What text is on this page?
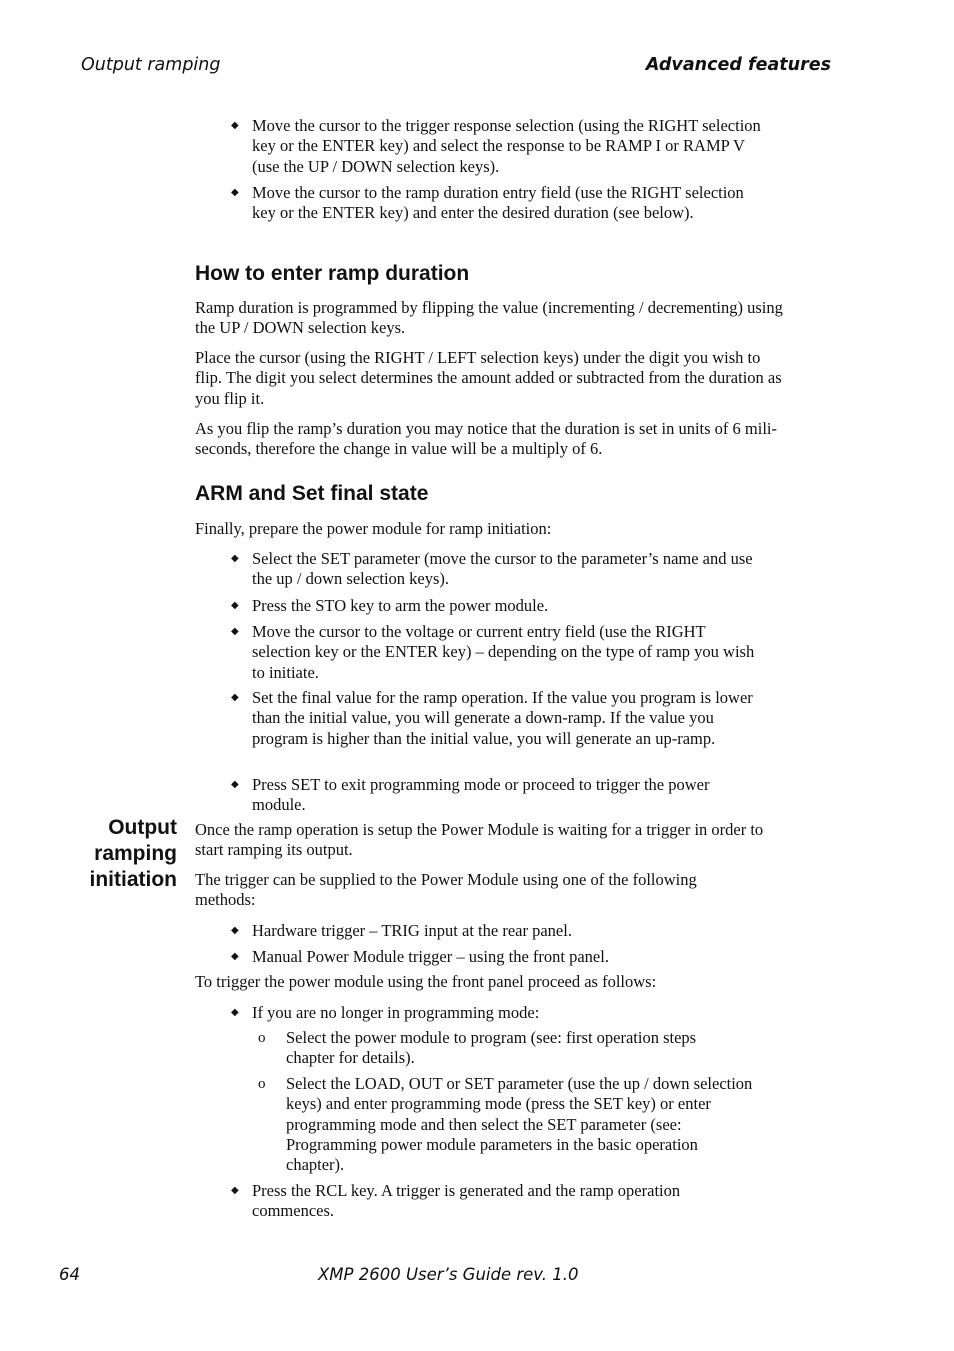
Output ramping	Advanced features
◆ Move the cursor to the trigger response selection (using the RIGHT selection key or the ENTER key) and select the response to be RAMP I or RAMP V (use the UP / DOWN selection keys).
◆ Move the cursor to the ramp duration entry field (use the RIGHT selection key or the ENTER key) and enter the desired duration (see below).
How to enter ramp duration
Ramp duration is programmed by flipping the value (incrementing / decrementing) using the UP / DOWN selection keys.
Place the cursor (using the RIGHT / LEFT selection keys) under the digit you wish to flip. The digit you select determines the amount added or subtracted from the duration as you flip it.
As you flip the ramp’s duration you may notice that the duration is set in units of 6 mili-seconds, therefore the change in value will be a multiply of 6.
ARM and Set final state
Finally, prepare the power module for ramp initiation:
◆ Select the SET parameter (move the cursor to the parameter’s name and use the up / down selection keys).
◆ Press the STO key to arm the power module.
◆ Move the cursor to the voltage or current entry field (use the RIGHT selection key or the ENTER key) – depending on the type of ramp you wish to initiate.
◆ Set the final value for the ramp operation. If the value you program is lower than the initial value, you will generate a down-ramp. If the value you program is higher than the initial value, you will generate an up-ramp.
◆ Press SET to exit programming mode or proceed to trigger the power module.
Output ramping initiation
Once the ramp operation is setup the Power Module is waiting for a trigger in order to start ramping its output.
The trigger can be supplied to the Power Module using one of the following methods:
◆ Hardware trigger – TRIG input at the rear panel.
◆ Manual Power Module trigger – using the front panel.
To trigger the power module using the front panel proceed as follows:
◆ If you are no longer in programming mode:
o Select the power module to program (see: first operation steps chapter for details).
o Select the LOAD, OUT or SET parameter (use the up / down selection keys) and enter programming mode (press the SET key) or enter programming mode and then select the SET parameter (see: Programming power module parameters in the basic operation chapter).
◆ Press the RCL key. A trigger is generated and the ramp operation commences.
64	XMP 2600 User’s Guide rev. 1.0
